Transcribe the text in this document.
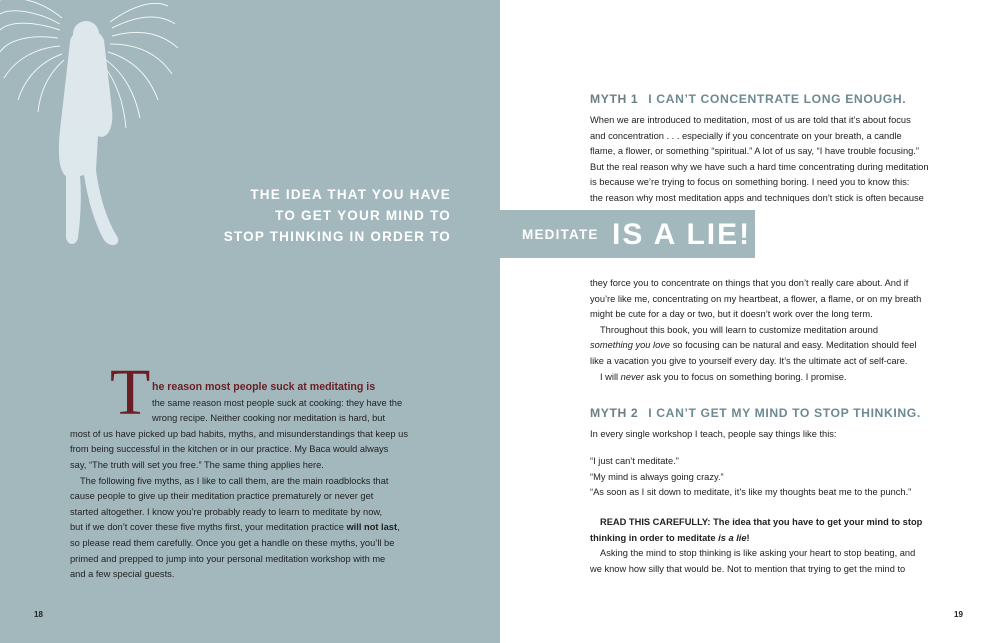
THE IDEA THAT YOU HAVE
TO GET YOUR MIND TO
STOP THINKING IN ORDER TO
T he reason most people suck at meditating is
the same reason most people suck at cooking: they have the
wrong recipe. Neither cooking nor meditation is hard, but
most of us have picked up bad habits, myths, and misunderstandings that keep us
from being successful in the kitchen or in our practice. My Baca would always
say, “The truth will set you free.” The same thing applies here.
The following five myths, as I like to call them, are the main roadblocks that
cause people to give up their meditation practice prematurely or never get
started altogether. I know you’re probably ready to learn to meditate by now,
but if we don’t cover these five myths first, your meditation practice will not last,
so please read them carefully. Once you get a handle on these myths, you’ll be
primed and prepped to jump into your personal meditation workshop with me
and a few special guests.
18	19
MEDITATE IS A LIE!
MYTH 1 I CAN’T CONCENTRATE LONG ENOUGH.
When we are introduced to meditation, most of us are told that it’s about focus
and concentration . . . especially if you concentrate on your breath, a candle
flame, a flower, or something “spiritual.” A lot of us say, “I have trouble focusing.”
But the real reason why we have such a hard time concentrating during meditation
is because we’re trying to focus on something boring. I need you to know this:
the reason why most meditation apps and techniques don’t stick is often because
they force you to concentrate on things that you don’t really care about. And if
you’re like me, concentrating on my heartbeat, a flower, a flame, or on my breath
might be cute for a day or two, but it doesn’t work over the long term.
Throughout this book, you will learn to customize meditation around
something you love so focusing can be natural and easy. Meditation should feel
like a vacation you give to yourself every day. It’s the ultimate act of self-care.
I will never ask you to focus on something boring. I promise.
MYTH 2 I CAN’T GET MY MIND TO STOP THINKING.
In every single workshop I teach, people say things like this:
“I just can’t meditate.”
“My mind is always going crazy.”
“As soon as I sit down to meditate, it’s like my thoughts beat me to the punch.”
READ THIS CAREFULLY: The idea that you have to get your mind to stop
thinking in order to meditate is a lie!
Asking the mind to stop thinking is like asking your heart to stop beating, and
we know how silly that would be. Not to mention that trying to get the mind to
